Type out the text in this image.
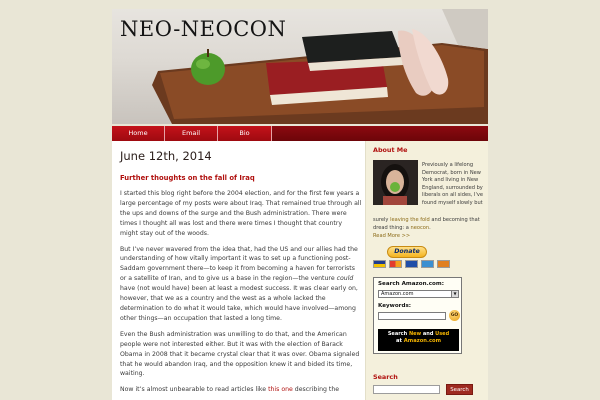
NEO-NEOCON
Home	Email	Bio
June 12th, 2014
Further thoughts on the fall of Iraq

I started this blog right before the 2004 election, and for the first few years a large percentage of my posts were about Iraq. That remained true through all the ups and downs of the surge and the Bush administration. There were times I thought all was lost and there were times I thought that country might stay out of the woods.

But I’ve never wavered from the idea that, had the US and our allies had the understanding of how vitally important it was to set up a functioning post-Saddam government there—to keep it from becoming a haven for terrorists or a satellite of Iran, and to give us a base in the region—the venture could have (not would have) been at least a modest success. It was clear early on, however, that we as a country and the west as a whole lacked the determination to do what it would take, which would have involved—among other things—an occupation that lasted a long time.

Even the Bush administration was unwilling to do that, and the American people were not interested either. But it was with the election of Barack Obama in 2008 that it became crystal clear that it was over. Obama signaled that he would abandon Iraq, and the opposition knew it and bided its time, waiting.

Now it’s almost unbearable to read articles like this one describing the

About Me
Previously a lifelong Democrat, born in New York and living in New England, surrounded by liberals on all sides, I've found myself slowly but
surely leaving the fold and becoming that dread thing: a neocon.
Read More >>
Donate
Search Amazon.com:
Amazon.com	▼
Keywords:
GO
Search New and Used
at Amazon.com
Search
Search
